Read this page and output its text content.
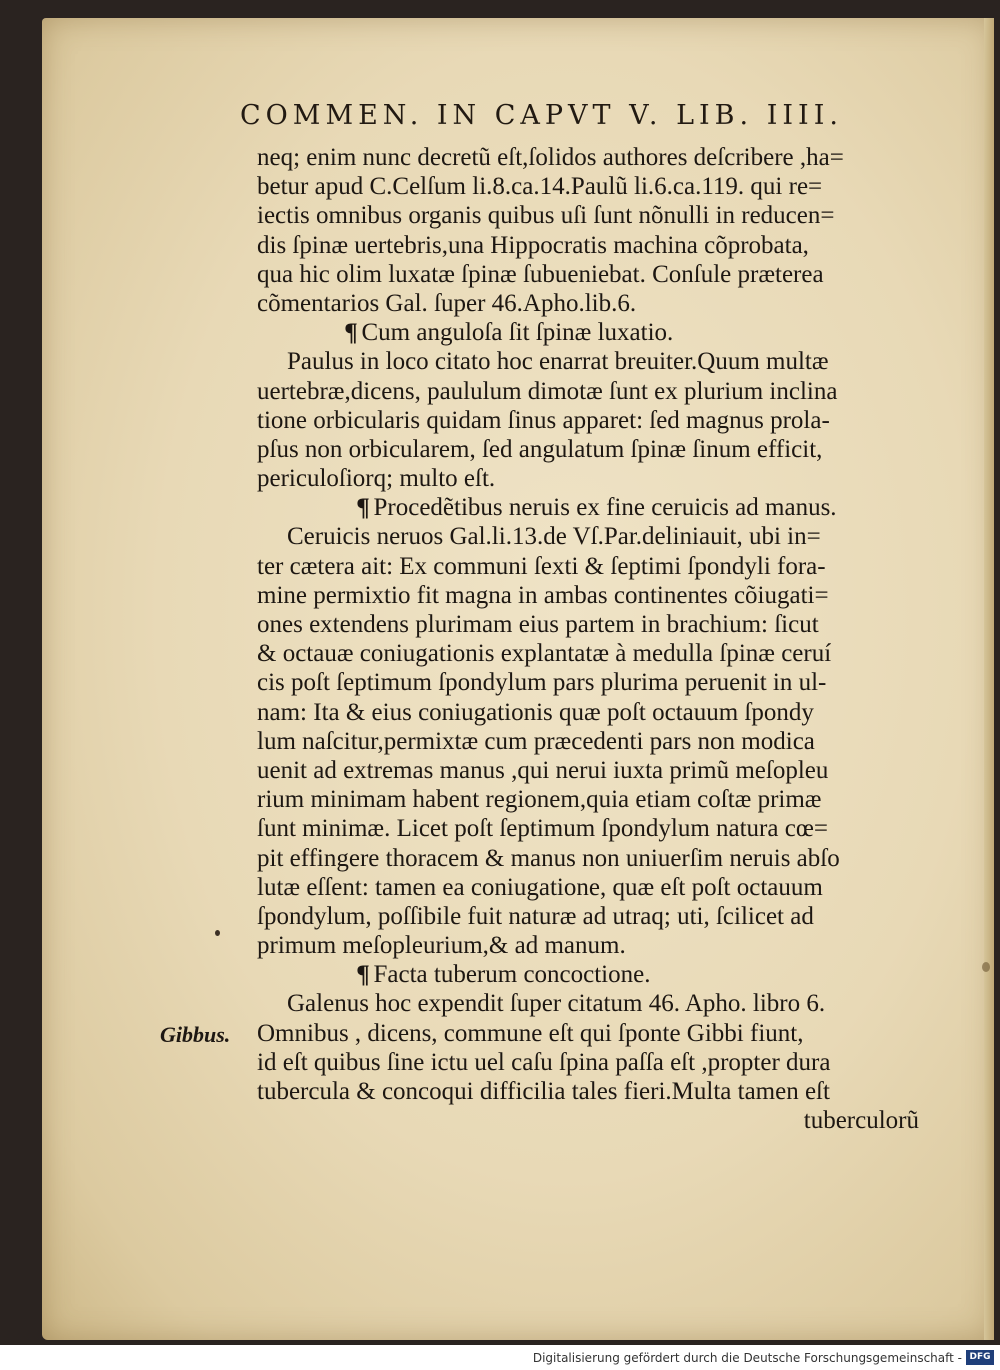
COMMEN. IN CAPVT V. LIB. IIII.
Gibbus.
neq; enim nunc decretũ eſt,ſolidos authores deſcribere ,ha=
betur apud C.Celſum li.8.ca.14.Paulũ li.6.ca.119. qui re=
iectis omnibus organis quibus uſi ſunt nõnulli in reducen=
dis ſpinæ uertebris,una Hippocratis machina cõprobata,
qua hic olim luxatæ ſpinæ ſubueniebat. Conſule præterea
cõmentarios Gal. ſuper 46.Apho.lib.6.
¶ Cum anguloſa ſit ſpinæ luxatio.
Paulus in loco citato hoc enarrat breuiter.Quum multæ
uertebræ,dicens, paululum dimotæ ſunt ex plurium inclina
tione orbicularis quidam ſinus apparet: ſed magnus prola-
pſus non orbicularem, ſed angulatum ſpinæ ſinum efficit,
periculoſiorq; multo eſt.
¶ Procedẽtibus neruis ex fine ceruicis ad manus.
Ceruicis neruos Gal.li.13.de Vſ.Par.deliniauit, ubi in=
ter cætera ait: Ex communi ſexti & ſeptimi ſpondyli fora-
mine permixtio fit magna in ambas continentes cõiugati=
ones extendens plurimam eius partem in brachium: ſicut
& octauæ coniugationis explantatæ à medulla ſpinæ ceruí
cis poſt ſeptimum ſpondylum pars plurima peruenit in ul-
nam: Ita & eius coniugationis quæ poſt octauum ſpondy
lum naſcitur,permixtæ cum præcedenti pars non modica
uenit ad extremas manus ,qui nerui iuxta primũ meſopleu
rium minimam habent regionem,quia etiam coſtæ primæ
ſunt minimæ. Licet poſt ſeptimum ſpondylum natura cœ=
pit effingere thoracem & manus non uniuerſim neruis abſo
lutæ eſſent: tamen ea coniugatione, quæ eſt poſt octauum
ſpondylum, poſſibile fuit naturæ ad utraq; uti, ſcilicet ad
primum meſopleurium,& ad manum.
¶ Facta tuberum concoctione.
Galenus hoc expendit ſuper citatum 46. Apho. libro 6.
Omnibus , dicens, commune eſt qui ſponte Gibbi fiunt,
id eſt quibus ſine ictu uel caſu ſpina paſſa eſt ,propter dura
tubercula & concoqui difficilia tales fieri.Multa tamen eſt
tuberculorũ
Digitalisierung gefördert durch die Deutsche Forschungsgemeinschaft - DFG
